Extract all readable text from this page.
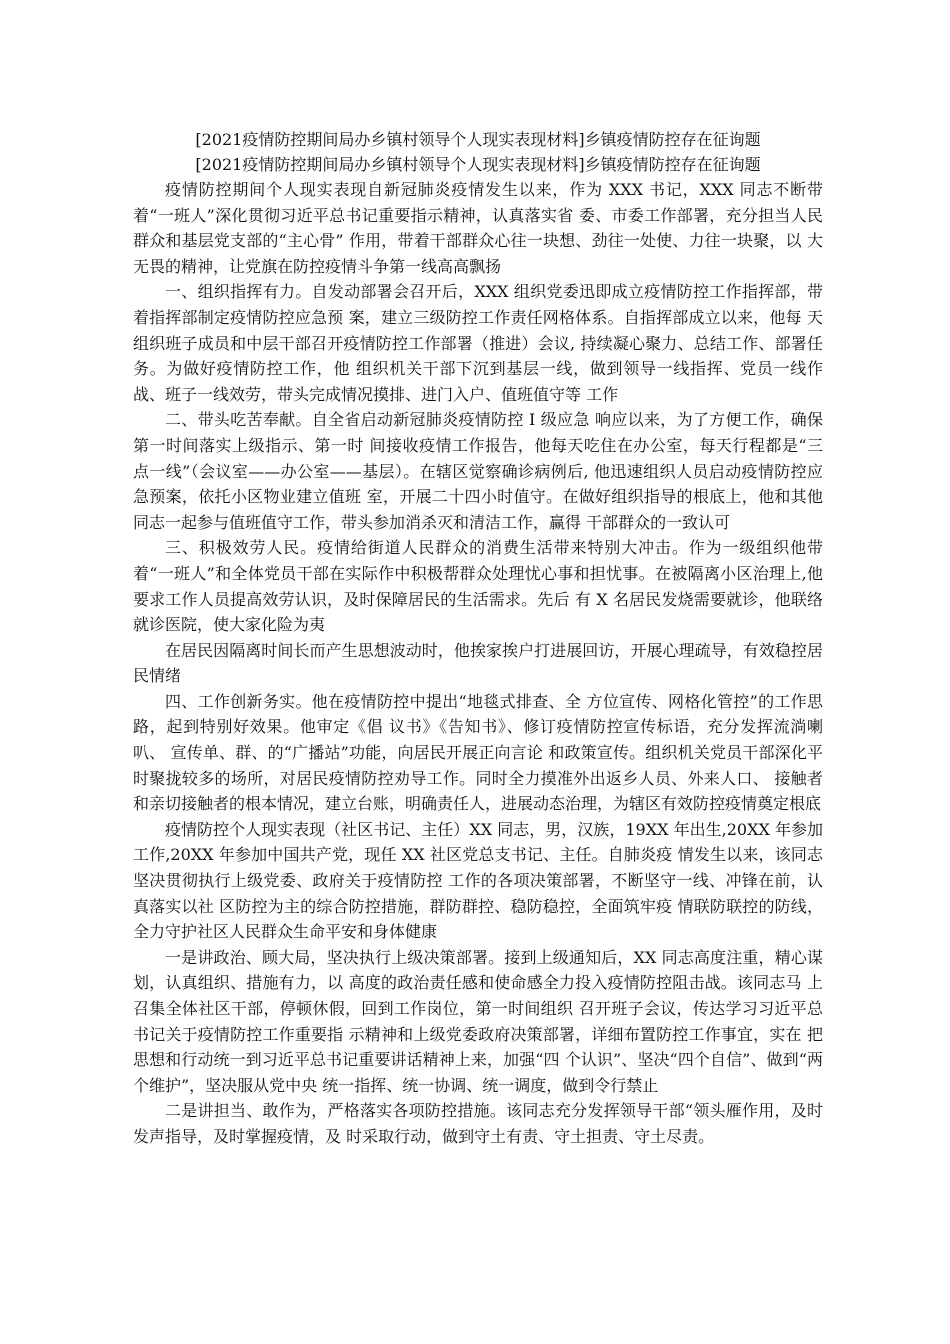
[2021疫情防控期间局办乡镇村领导个人现实表现材料]乡镇疫情防控存在征询题
[2021疫情防控期间局办乡镇村领导个人现实表现材料]乡镇疫情防控存在征询题

疫情防控期间个人现实表现自新冠肺炎疫情发生以来，作为 XXX 书记，XXX 同志不断带着“一班人”深化贯彻习近平总书记重要指示精神，认真落实省 委、市委工作部署，充分担当人民群众和基层党支部的“主心骨” 作用，带着干部群众心往一块想、劲往一处使、力往一块聚，以 大无畏的精神，让党旗在防控疫情斗争第一线高高飘扬

一、组织指挥有力。自发动部署会召开后，XXX 组织党委迅即成立疫情防控工作指挥部，带着指挥部制定疫情防控应急预 案，建立三级防控工作责任网格体系。自指挥部成立以来，他每 天组织班子成员和中层干部召开疫情防控工作部署（推进）会议, 持续凝心聚力、总结工作、部署任务。为做好疫情防控工作，他 组织机关干部下沉到基层一线，做到领导一线指挥、党员一线作 战、班子一线效劳，带头完成情况摸排、进门入户、值班值守等 工作

二、带头吃苦奉献。自全省启动新冠肺炎疫情防控 I 级应急 响应以来，为了方便工作，确保第一时间落实上级指示、第一时 间接收疫情工作报告，他每天吃住在办公室，每天行程都是“三 点一线”（会议室——办公室——基层）。在辖区觉察确诊病例后, 他迅速组织人员启动疫情防控应急预案，依托小区物业建立值班 室，开展二十四小时值守。在做好组织指导的根底上，他和其他 同志一起参与值班值守工作，带头参加消杀灭和清洁工作，赢得 干部群众的一致认可

三、积极效劳人民。疫情给街道人民群众的消费生活带来特别大冲击。作为一级组织他带着“一班人”和全体党员干部在实际作中积极帮群众处理忧心事和担忧事。在被隔离小区治理上,他要求工作人员提高效劳认识，及时保障居民的生活需求。先后 有 X 名居民发烧需要就诊，他联络就诊医院，使大家化险为夷

在居民因隔离时间长而产生思想波动时，他挨家挨户打进展回访，开展心理疏导，有效稳控居民情绪

四、工作创新务实。他在疫情防控中提出“地毯式排查、全 方位宣传、网格化管控”的工作思路，起到特别好效果。他审定《倡 议书》《告知书》、修订疫情防控宣传标语，充分发挥流淌喇叭、 宣传单、群、的“广播站”功能，向居民开展正向言论 和政策宣传。组织机关党员干部深化平时聚拢较多的场所，对居民疫情防控劝导工作。同时全力摸准外出返乡人员、外来人口、 接触者和亲切接触者的根本情况，建立台账，明确责任人，进展动态治理，为辖区有效防控疫情奠定根底

疫情防控个人现实表现（社区书记、主任）XX 同志，男，汉族，19XX 年出生,20XX 年参加工作,20XX 年参加中国共产党，现任 XX 社区党总支书记、主任。自肺炎疫 情发生以来，该同志坚决贯彻执行上级党委、政府关于疫情防控 工作的各项决策部署，不断坚守一线、冲锋在前，认真落实以社 区防控为主的综合防控措施，群防群控、稳防稳控，全面筑牢疫 情联防联控的防线，全力守护社区人民群众生命平安和身体健康

一是讲政治、顾大局，坚决执行上级决策部署。接到上级通知后，XX 同志高度注重，精心谋划，认真组织、措施有力，以 高度的政治责任感和使命感全力投入疫情防控阻击战。该同志马 上召集全体社区干部，停顿休假，回到工作岗位，第一时间组织 召开班子会议，传达学习习近平总书记关于疫情防控工作重要指 示精神和上级党委政府决策部署，详细布置防控工作事宜，实在 把思想和行动统一到习近平总书记重要讲话精神上来，加强“四 个认识”、坚决“四个自信”、做到“两个维护”，坚决服从党中央 统一指挥、统一协调、统一调度，做到令行禁止

二是讲担当、敢作为，严格落实各项防控措施。该同志充分发挥领导干部“领头雁作用，及时发声指导，及时掌握疫情，及 时采取行动，做到守土有责、守土担责、守土尽责。
